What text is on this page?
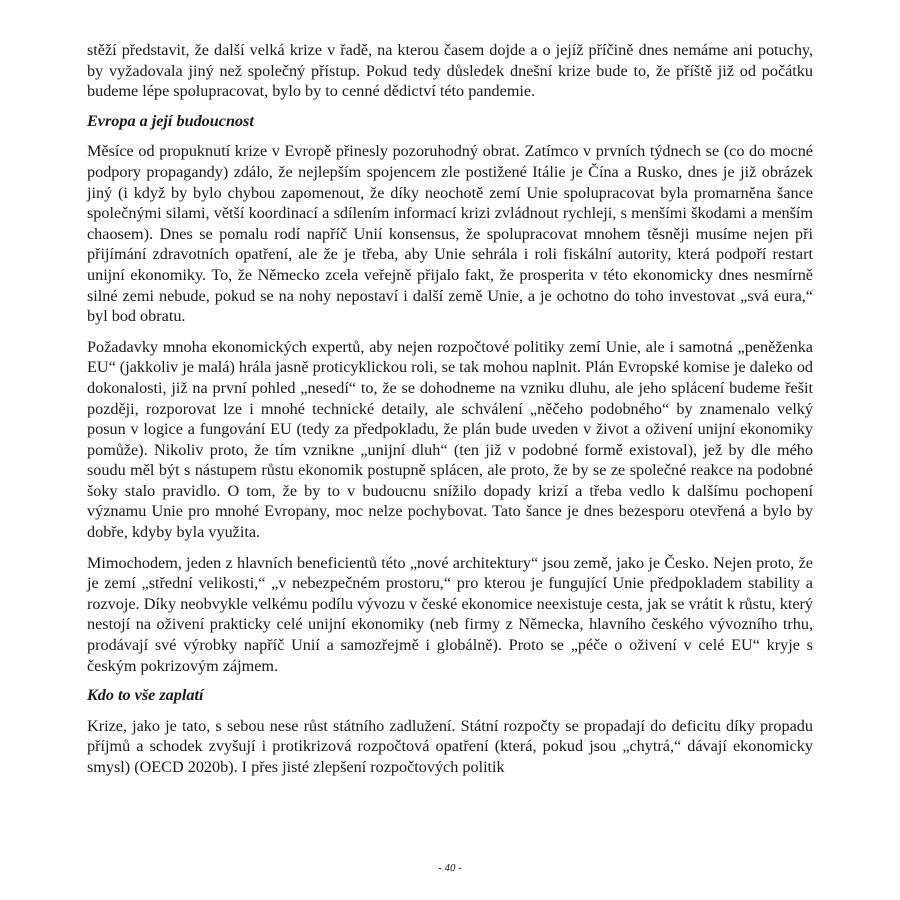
stěží představit, že další velká krize v řadě, na kterou časem dojde a o jejíž příčině dnes nemáme ani potuchy, by vyžadovala jiný než společný přístup. Pokud tedy důsledek dnešní krize bude to, že příště již od počátku budeme lépe spolupracovat, bylo by to cenné dědictví této pandemie.

Evropa a její budoucnost

Měsíce od propuknutí krize v Evropě přinesly pozoruhodný obrat. Zatímco v prvních týdnech se (co do mocné podpory propagandy) zdálo, že nejlepším spojencem zle postižené Itálie je Čína a Rusko, dnes je již obrázek jiný (i když by bylo chybou zapomenout, že díky neochotě zemí Unie spolupracovat byla promarněna šance společnými silami, větší koordinací a sdílením informací krizi zvládnout rychleji, s menšími škodami a menším chaosem). Dnes se pomalu rodí napříč Unií konsensus, že spolupracovat mnohem těsněji musíme nejen při přijímání zdravotních opatření, ale že je třeba, aby Unie sehrála i roli fiskální autority, která podpoří restart unijní ekonomiky. To, že Německo zcela veřejně přijalo fakt, že prosperita v této ekonomicky dnes nesmírně silné zemi nebude, pokud se na nohy nepostaví i další země Unie, a je ochotno do toho investovat „svá eura,“ byl bod obratu.

Požadavky mnoha ekonomických expertů, aby nejen rozpočtové politiky zemí Unie, ale i samotná „peněženka EU“ (jakkoliv je malá) hrála jasně proticyklickou roli, se tak mohou naplnit. Plán Evropské komise je daleko od dokonalosti, již na první pohled „nesedí“ to, že se dohodneme na vzniku dluhu, ale jeho splácení budeme řešit později, rozporovat lze i mnohé technické detaily, ale schválení „něčeho podobného“ by znamenalo velký posun v logice a fungování EU (tedy za předpokladu, že plán bude uveden v život a oživení unijní ekonomiky pomůže). Nikoliv proto, že tím vznikne „unijní dluh“ (ten již v podobné formě existoval), jež by dle mého soudu měl být s nástupem růstu ekonomik postupně splácen, ale proto, že by se ze společné reakce na podobné šoky stalo pravidlo. O tom, že by to v budoucnu snížilo dopady krizí a třeba vedlo k dalšímu pochopení významu Unie pro mnohé Evropany, moc nelze pochybovat. Tato šance je dnes bezesporu otevřená a bylo by dobře, kdyby byla využita.

Mimochodem, jeden z hlavních beneficientů této „nové architektury“ jsou země, jako je Česko. Nejen proto, že je zemí „střední velikosti,“ „v nebezpečném prostoru,“ pro kterou je fungující Unie předpokladem stability a rozvoje. Díky neobvykle velkému podílu vývozu v české ekonomice neexistuje cesta, jak se vrátit k růstu, který nestojí na oživení prakticky celé unijní ekonomiky (neb firmy z Německa, hlavního českého vývozního trhu, prodávají své výrobky napříč Unií a samozřejmě i globálně). Proto se „péče o oživení v celé EU“ kryje s českým pokrizovým zájmem.

Kdo to vše zaplatí

Krize, jako je tato, s sebou nese růst státního zadlužení. Státní rozpočty se propadají do deficitu díky propadu příjmů a schodek zvyšují i protikrizová rozpočtová opatření (která, pokud jsou „chytrá,“ dávají ekonomicky smysl) (OECD 2020b). I přes jisté zlepšení rozpočtových politik

- 40 -
